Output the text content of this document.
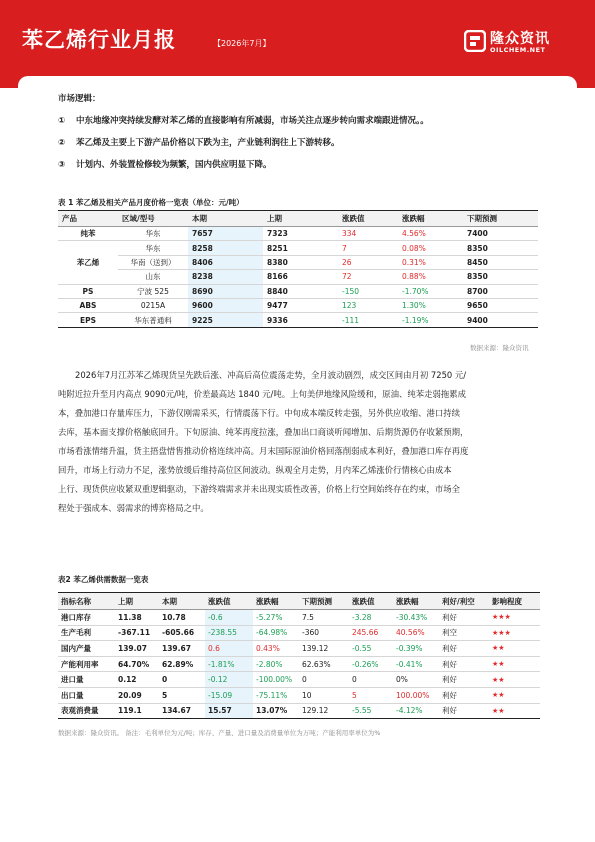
苯乙烯行业月报	【2026年7月】	隆众资讯
OILCHEM.NET
市场逻辑：
① 中东地缘冲突持续发酵对苯乙烯的直接影响有所减弱，市场关注点逐步转向需求端跟进情况。。
② 苯乙烯及主要上下游产品价格以下跌为主，产业链利润往上下游转移。
③ 计划内、外装置检修较为频繁，国内供应明显下降。
表 1 苯乙烯及相关产品月度价格一览表（单位：元/吨）
产品	区域/型号	本期	上期	涨跌值	涨跌幅	下期预测
纯苯	华东	7657	7323	334	4.56%	7400
苯乙烯	华东	8258	8251	7	0.08%	8350
	华南（送到）	8406	8380	26	0.31%	8450
	山东	8238	8166	72	0.88%	8350
PS	宁波 525	8690	8840	-150	-1.70%	8700
ABS	0215A	9600	9477	123	1.30%	9650
EPS	华东普通料	9225	9336	-111	-1.19%	9400
数据来源：隆众资讯
2026年7月江苏苯乙烯现货呈先跌后涨、冲高后高位震荡走势，全月波动剧烈，成交区间由月初 7250 元/
吨附近拉升至月内高点 9090元/吨，价差最高达 1840 元/吨。上旬美伊地缘风险缓和，原油、纯苯走弱拖累成
本，叠加港口存量库压力，下游仅刚需采买，行情震荡下行。中旬成本端反转走强，另外供应收缩、港口持续
去库，基本面支撑价格触底回升。下旬原油、纯苯再度拉涨，叠加出口商谈听闻增加、后期货源仍存收紧预期，
市场看涨情绪升温，货主捂盘惜售推动价格连续冲高。月末国际原油价格回落削弱成本利好，叠加港口库存再度
回升，市场上行动力不足，涨势放缓后维持高位区间波动。纵观全月走势，月内苯乙烯涨价行情核心由成本
上行、现货供应收紧双重逻辑驱动，下游终端需求并未出现实质性改善，价格上行空间始终存在约束，市场全
程处于强成本、弱需求的博弈格局之中。
表2 苯乙烯供需数据一览表
指标名称	上期	本期	涨跌值	涨跌幅	下期预测	涨跌值	涨跌幅	利好/利空	影响程度
港口库存	11.38	10.78	-0.6	-5.27%	7.5	-3.28	-30.43%	利好	★★★
生产毛利	-367.11	-605.66	-238.55	-64.98%	-360	245.66	40.56%	利空	★★★
国内产量	139.07	139.67	0.6	0.43%	139.12	-0.55	-0.39%	利好	★★
产能利用率	64.70%	62.89%	-1.81%	-2.80%	62.63%	-0.26%	-0.41%	利好	★★
进口量	0.12	0	-0.12	-100.00%	0	0	0%	利好	★★
出口量	20.09	5	-15.09	-75.11%	10	5	100.00%	利好	★★
表观消费量	119.1	134.67	15.57	13.07%	129.12	-5.55	-4.12%	利好	★★
数据来源：隆众资讯。 备注：毛利单位为元/吨；库存、产量、进口量及消费量单位为万吨；产能利用率单位为%
